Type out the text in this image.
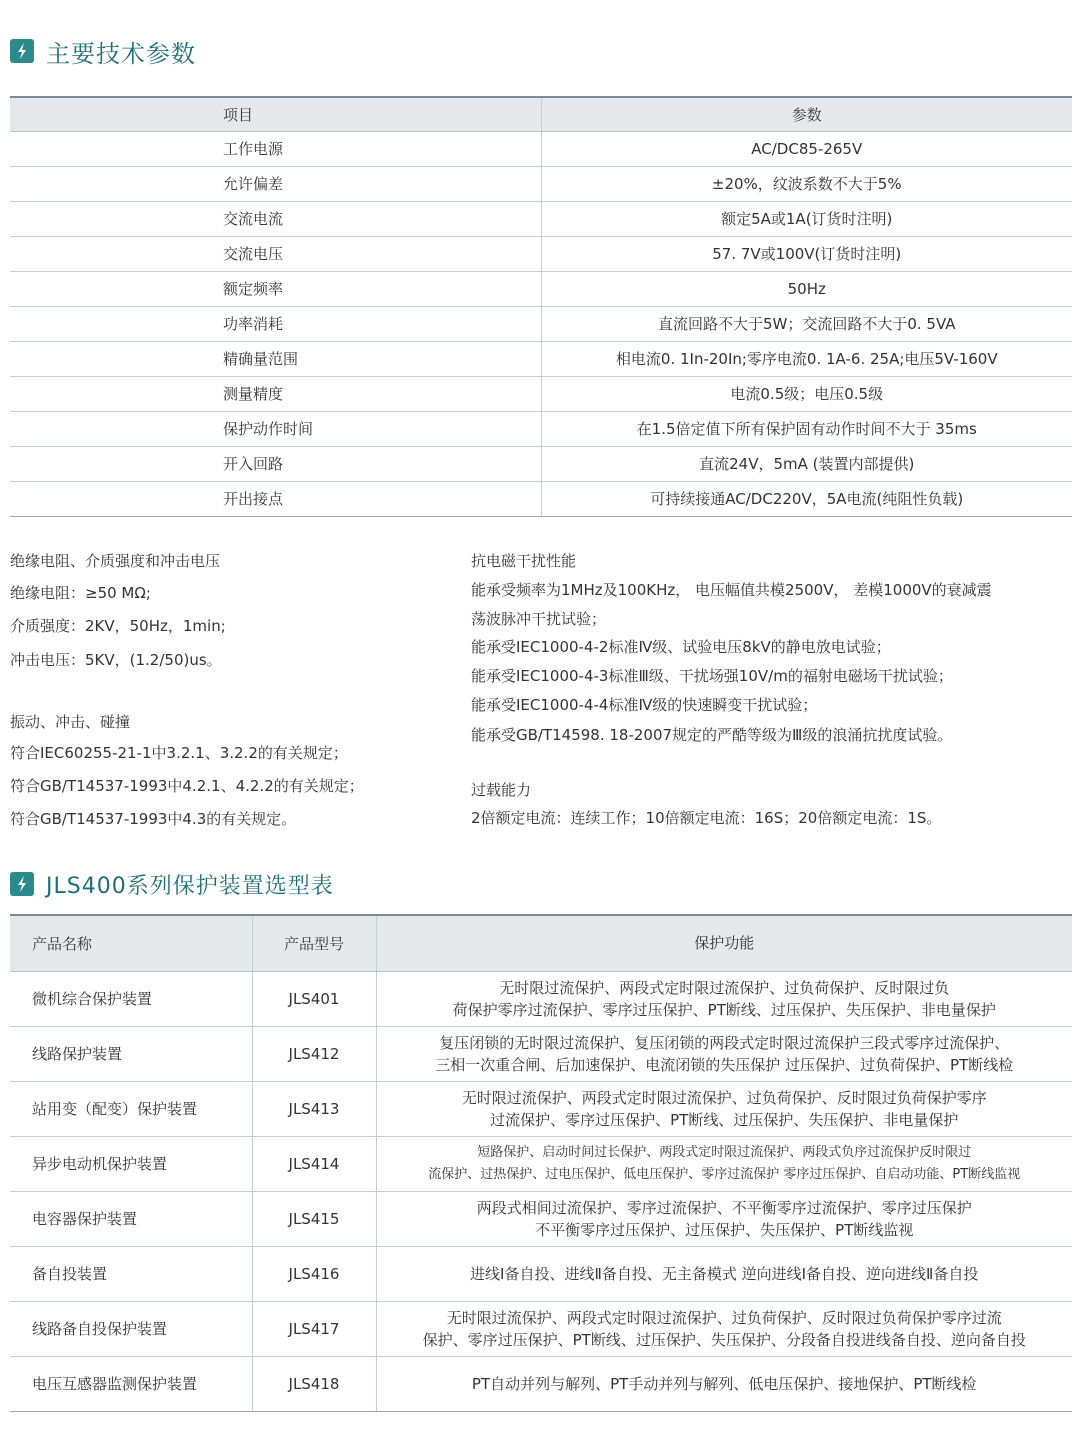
主要技术参数
项目	参数
工作电源	AC/DC85-265V
允许偏差	±20%，纹波系数不大于5%
交流电流	额定5A或1A(订货时注明)
交流电压	57. 7V或100V(订货时注明)
额定频率	50Hz
功率消耗	直流回路不大于5W；交流回路不大于0. 5VA
精确量范围	相电流0. 1In-20In;零序电流0. 1A-6. 25A;电压5V-160V
测量精度	电流0.5级；电压0.5级
保护动作时间	在1.5倍定值下所有保护固有动作时间不大于 35ms
开入回路	直流24V，5mA (装置内部提供)
开出接点	可持续接通AC/DC220V，5A电流(纯阻性负载)
绝缘电阻、介质强度和冲击电压
绝缘电阻：≥50 MΩ;
介质强度：2KV，50Hz，1min;
冲击电压：5KV，(1.2/50)us。
振动、冲击、碰撞
符合IEC60255-21-1中3.2.1、3.2.2的有关规定；
符合GB/T14537-1993中4.2.1、4.2.2的有关规定；
符合GB/T14537-1993中4.3的有关规定。
抗电磁干扰性能
能承受频率为1MHz及100KHz， 电压幅值共模2500V， 差模1000V的衰减震
荡波脉冲干扰试验；
能承受IEC1000-4-2标准Ⅳ级、试验电压8kV的静电放电试验；
能承受IEC1000-4-3标准Ⅲ级、干扰场强10V/m的福射电磁场干扰试验；
能承受IEC1000-4-4标准Ⅳ级的快速瞬变干扰试验；
能承受GB/T14598. 18-2007规定的严酷等级为Ⅲ级的浪涌抗扰度试验。
过载能力
2倍额定电流：连续工作；10倍额定电流：16S；20倍额定电流：1S。
JLS400系列保护装置选型表
产品名称	产品型号	保护功能
微机综合保护装置	JLS401	无时限过流保护、两段式定时限过流保护、过负荷保护、反时限过负
荷保护零序过流保护、零序过压保护、PT断线、过压保护、失压保护、非电量保护

线路保护装置	JLS412	复压闭锁的无时限过流保护、复压闭锁的两段式定时限过流保护三段式零序过流保护、
三相一次重合闸、后加速保护、电流闭锁的失压保护 过压保护、过负荷保护、PT断线检

站用变（配变）保护装置	JLS413	无时限过流保护、两段式定时限过流保护、过负荷保护、反时限过负荷保护零序
过流保护、零序过压保护、PT断线、过压保护、失压保护、非电量保护

异步电动机保护装置	JLS414	短路保护、启动时间过长保护、两段式定时限过流保护、两段式负序过流保护反时限过
流保护、过热保护、过电压保护、低电压保护、零序过流保护 零序过压保护、自启动功能、PT断线监视

电容器保护装置	JLS415	两段式相间过流保护、零序过流保护、不平衡零序过流保护、零序过压保护
不平衡零序过压保护、过压保护、失压保护、PT断线监视

备自投装置	JLS416	进线Ⅰ备自投、进线Ⅱ备自投、无主备模式 逆向进线Ⅰ备自投、逆向进线Ⅱ备自投

线路备自投保护装置	JLS417	无时限过流保护、两段式定时限过流保护、过负荷保护、反时限过负荷保护零序过流
保护、零序过压保护、PT断线、过压保护、失压保护、分段备自投进线备自投、逆向备自投

电压互感器监测保护装置	JLS418	PT自动并列与解列、PT手动并列与解列、低电压保护、接地保护、PT断线检
